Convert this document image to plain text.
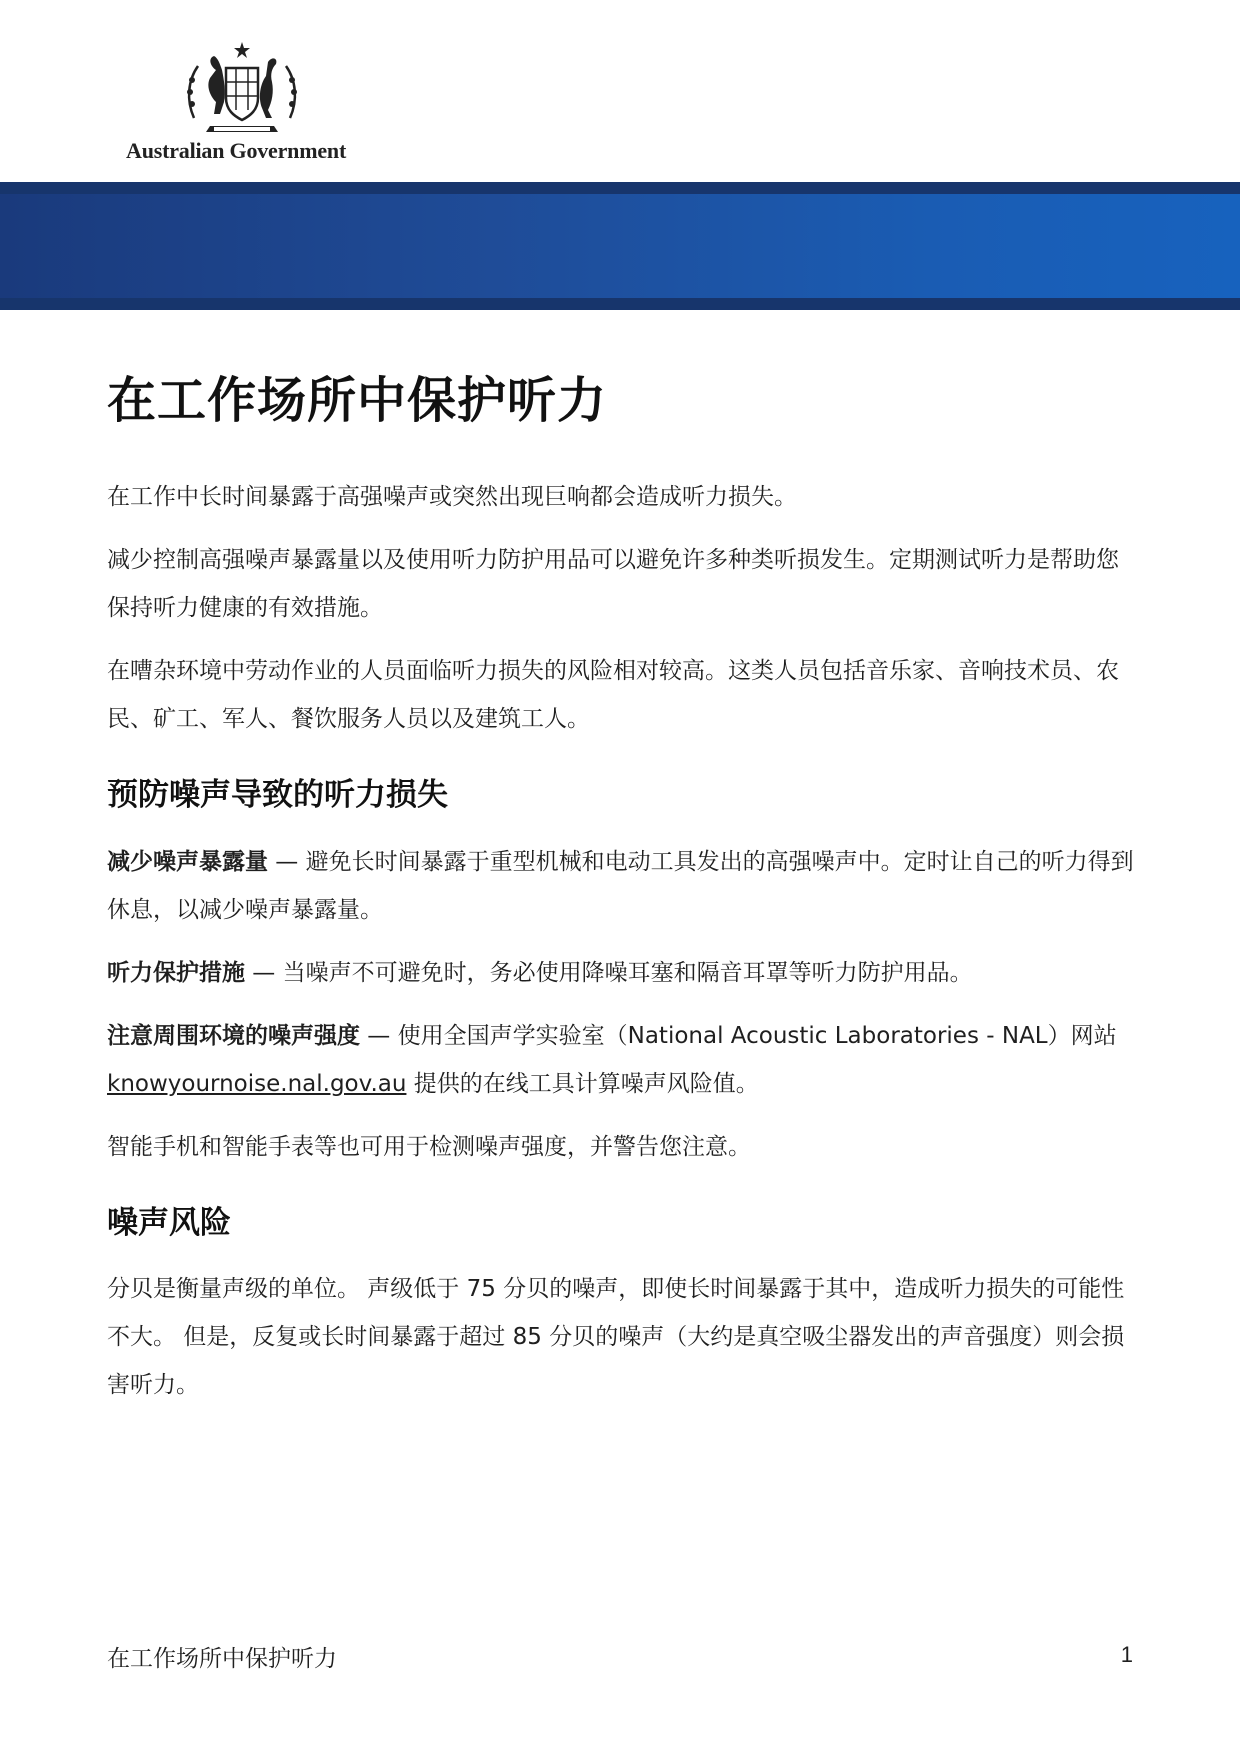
Australian Government
在工作场所中保护听力

在工作中长时间暴露于高强噪声或突然出现巨响都会造成听力损失。

减少控制高强噪声暴露量以及使用听力防护用品可以避免许多种类听损发生。定期测试听力是帮助您保持听力健康的有效措施。

在嘈杂环境中劳动作业的人员面临听力损失的风险相对较高。这类人员包括音乐家、音响技术员、农民、矿工、军人、餐饮服务人员以及建筑工人。

预防噪声导致的听力损失

减少噪声暴露量 — 避免长时间暴露于重型机械和电动工具发出的高强噪声中。定时让自己的听力得到休息，以减少噪声暴露量。

听力保护措施 — 当噪声不可避免时，务必使用降噪耳塞和隔音耳罩等听力防护用品。

注意周围环境的噪声强度 — 使用全国声学实验室（National Acoustic Laboratories - NAL）网站 knowyournoise.nal.gov.au 提供的在线工具计算噪声风险值。

智能手机和智能手表等也可用于检测噪声强度，并警告您注意。

噪声风险

分贝是衡量声级的单位。 声级低于 75 分贝的噪声，即使长时间暴露于其中，造成听力损失的可能性不大。 但是，反复或长时间暴露于超过 85 分贝的噪声（大约是真空吸尘器发出的声音强度）则会损害听力。

在工作场所中保护听力	1
